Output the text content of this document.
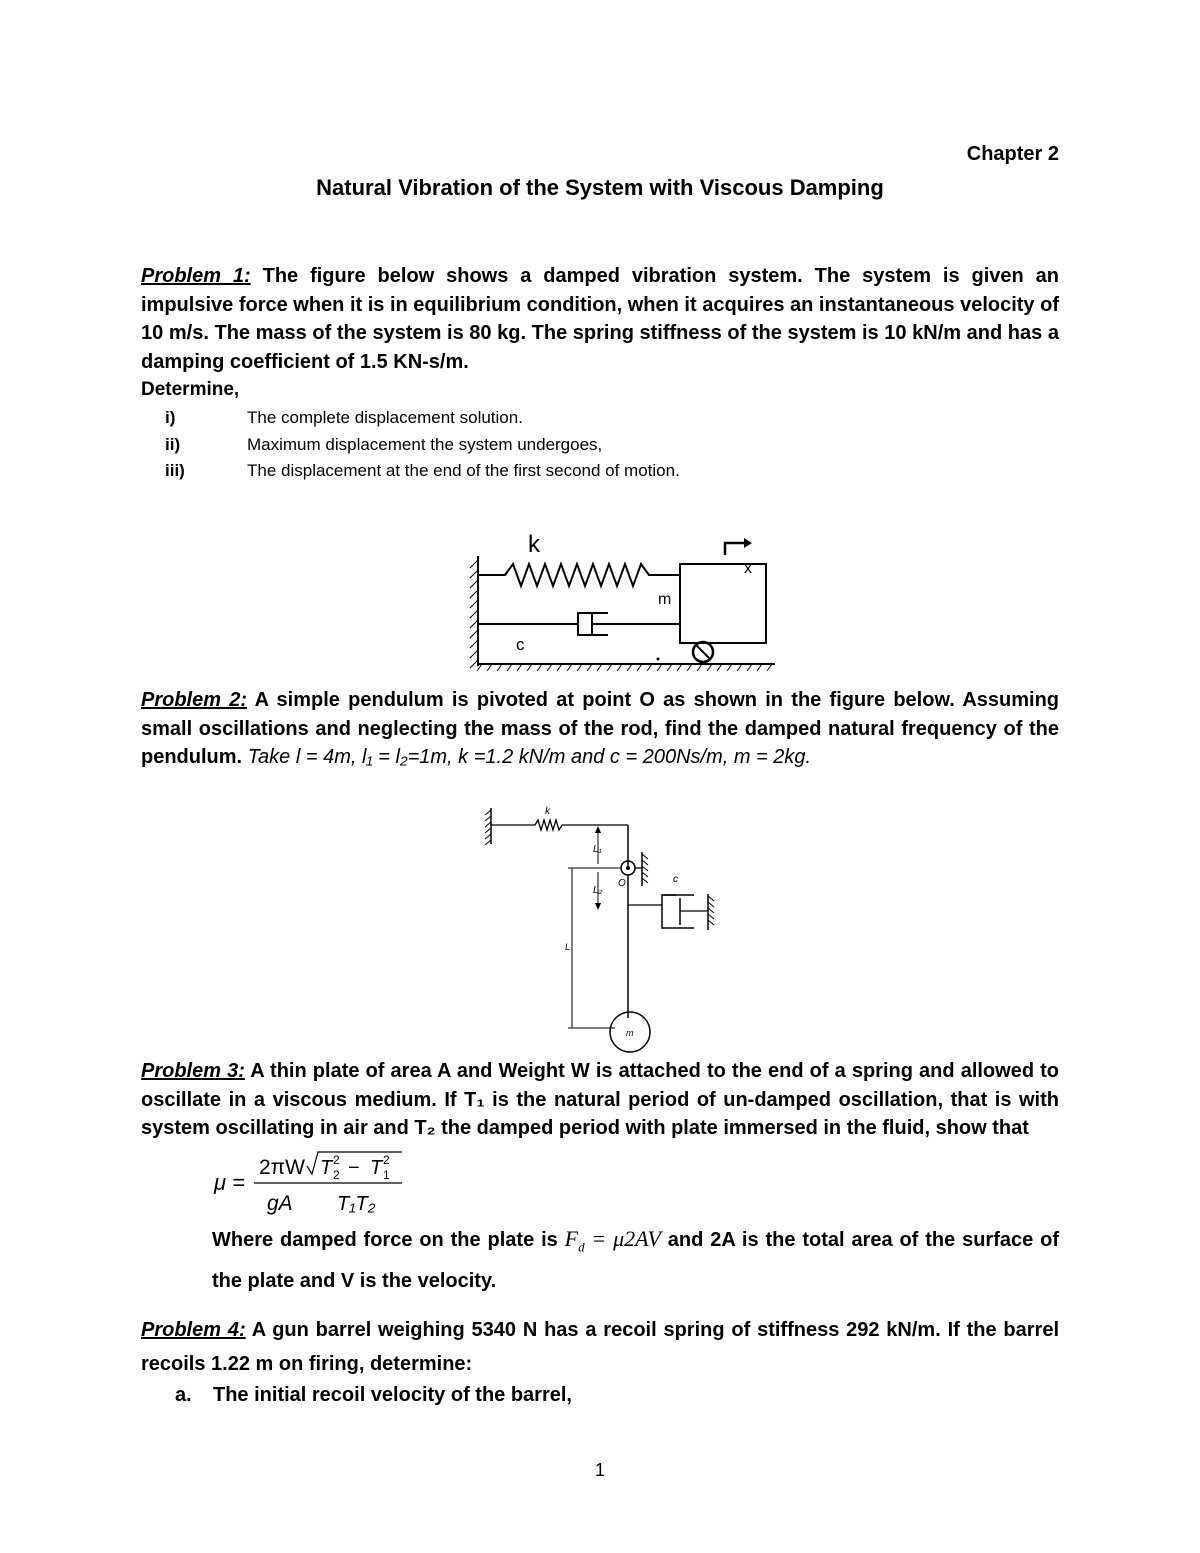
Chapter 2
Natural Vibration of the System with Viscous Damping
Problem 1: The figure below shows a damped vibration system. The system is given an impulsive force when it is in equilibrium condition, when it acquires an instantaneous velocity of 10 m/s. The mass of the system is 80 kg. The spring stiffness of the system is 10 kN/m and has a damping coefficient of 1.5 KN-s/m.
Determine,
i)	The complete displacement solution.
ii)	Maximum displacement the system undergoes,
iii)	The displacement at the end of the first second of motion.
k
c
m
x
Problem 2: A simple pendulum is pivoted at point O as shown in the figure below. Assuming small oscillations and neglecting the mass of the rod, find the damped natural frequency of the pendulum. Take l = 4m, l₁ = l₂=1m, k =1.2 kN/m and c = 200Ns/m, m = 2kg.
k
L₁
O
L₂
c
L
m
Problem 3: A thin plate of area A and Weight W is attached to the end of a spring and allowed to oscillate in a viscous medium. If T₁ is the natural period of un-damped oscillation, that is with system oscillating in air and T₂ the damped period with plate immersed in the fluid, show that
μ =
2πW
gA
T 2
2 − T 1
2
T₁T₂
Where damped force on the plate is $F_d = \mu 2AV$ and 2A is the total area of the surface of the plate and V is the velocity.
Problem 4: A gun barrel weighing 5340 N has a recoil spring of stiffness 292 kN/m. If the barrel recoils 1.22 m on firing, determine:
a. The initial recoil velocity of the barrel,
1
